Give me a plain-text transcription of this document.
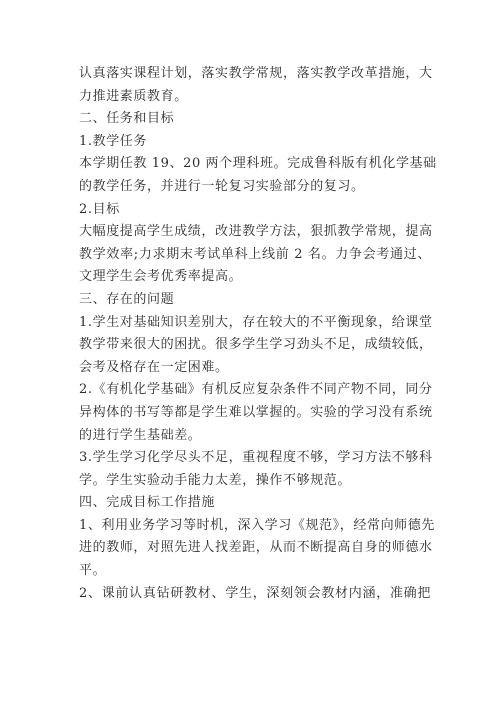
认真落实课程计划，落实教学常规，落实教学改革措施，大
力推进素质教育。
二、任务和目标
1.教学任务
本学期任教 19、20 两个理科班。完成鲁科版有机化学基础
的教学任务，并进行一轮复习实验部分的复习。
2.目标
大幅度提高学生成绩，改进教学方法，狠抓教学常规，提高
教学效率;力求期末考试单科上线前 2 名。力争会考通过、
文理学生会考优秀率提高。
三、存在的问题
1.学生对基础知识差别大，存在较大的不平衡现象，给课堂
教学带来很大的困扰。很多学生学习劲头不足，成绩较低，
会考及格存在一定困难。
2.《有机化学基础》有机反应复杂条件不同产物不同，同分
异构体的书写等都是学生难以掌握的。实验的学习没有系统
的进行学生基础差。
3.学生学习化学尽头不足，重视程度不够，学习方法不够科
学。学生实验动手能力太差，操作不够规范。
四、完成目标工作措施
1、利用业务学习等时机，深入学习《规范》，经常向师德先
进的教师，对照先进人找差距，从而不断提高自身的师德水
平。
2、课前认真钻研教材、学生，深刻领会教材内涵，准确把
